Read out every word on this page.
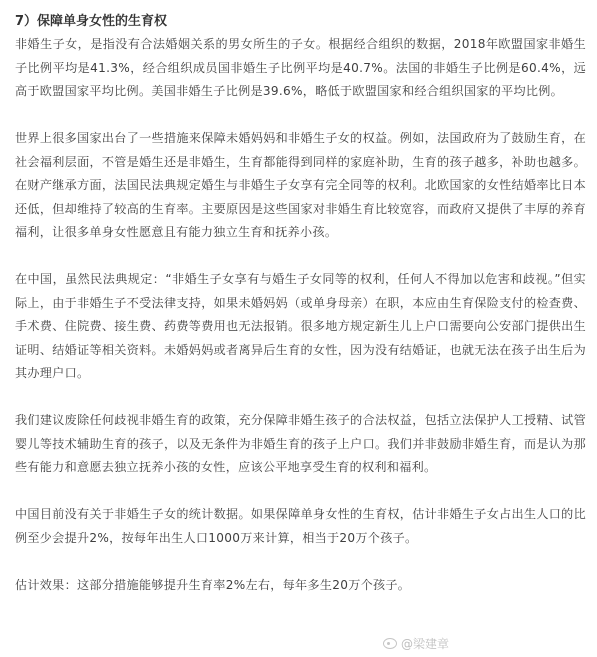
7）保障单身女性的生育权

非婚生子女，是指没有合法婚姻关系的男女所生的子女。根据经合组织的数据，2018年欧盟国家非婚生子比例平均是41.3%，经合组织成员国非婚生子比例平均是40.7%。法国的非婚生子比例是60.4%，远高于欧盟国家平均比例。美国非婚生子比例是39.6%，略低于欧盟国家和经合组织国家的平均比例。

世界上很多国家出台了一些措施来保障未婚妈妈和非婚生子女的权益。例如，法国政府为了鼓励生育，在社会福利层面，不管是婚生还是非婚生，生育都能得到同样的家庭补助，生育的孩子越多，补助也越多。在财产继承方面，法国民法典规定婚生与非婚生子女享有完全同等的权利。北欧国家的女性结婚率比日本还低，但却维持了较高的生育率。主要原因是这些国家对非婚生育比较宽容，而政府又提供了丰厚的养育福利，让很多单身女性愿意且有能力独立生育和抚养小孩。

在中国，虽然民法典规定：“非婚生子女享有与婚生子女同等的权利，任何人不得加以危害和歧视。”但实际上，由于非婚生子不受法律支持，如果未婚妈妈（或单身母亲）在职，本应由生育保险支付的检查费、手术费、住院费、接生费、药费等费用也无法报销。很多地方规定新生儿上户口需要向公安部门提供出生证明、结婚证等相关资料。未婚妈妈或者离异后生育的女性，因为没有结婚证，也就无法在孩子出生后为其办理户口。

我们建议废除任何歧视非婚生育的政策，充分保障非婚生孩子的合法权益，包括立法保护人工授精、试管婴儿等技术辅助生育的孩子，以及无条件为非婚生育的孩子上户口。我们并非鼓励非婚生育，而是认为那些有能力和意愿去独立抚养小孩的女性，应该公平地享受生育的权利和福利。

中国目前没有关于非婚生子女的统计数据。如果保障单身女性的生育权，估计非婚生子女占出生人口的比例至少会提升2%，按每年出生人口1000万来计算，相当于20万个孩子。

估计效果：这部分措施能够提升生育率2%左右，每年多生20万个孩子。

@梁建章
